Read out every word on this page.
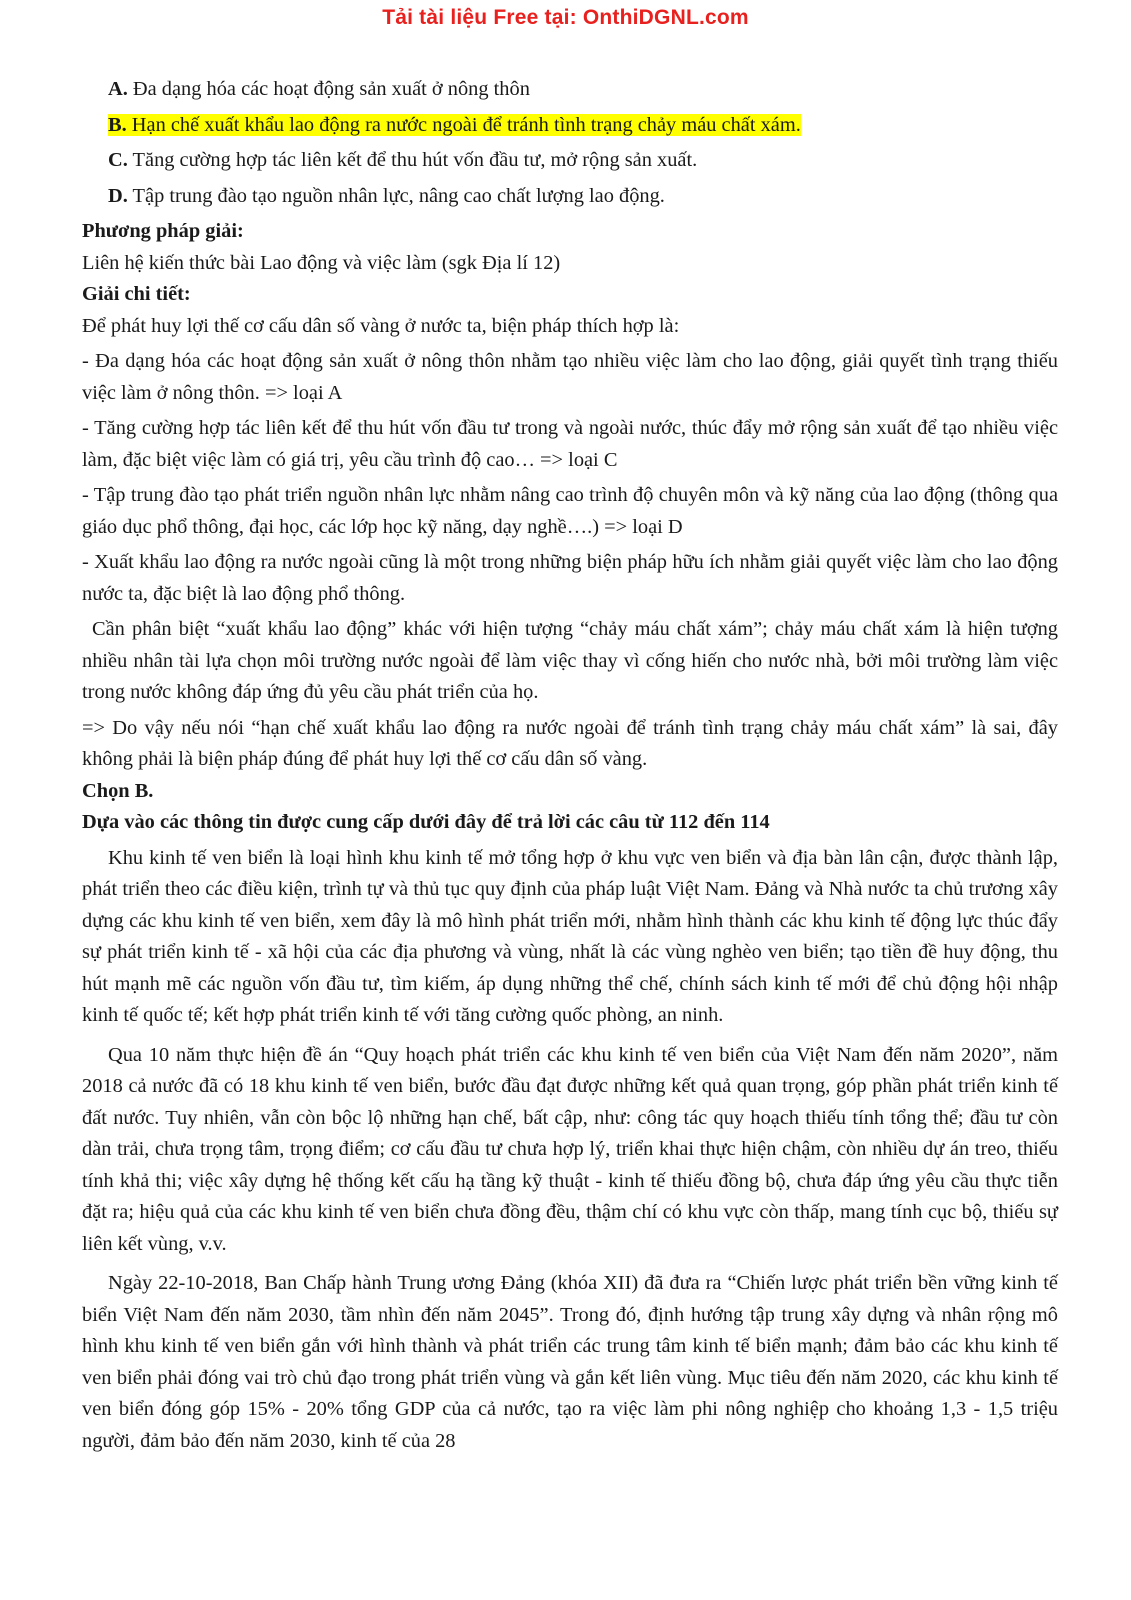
Tải tài liệu Free tại: OnthiDGNL.com

A. Đa dạng hóa các hoạt động sản xuất ở nông thôn

B. Hạn chế xuất khẩu lao động ra nước ngoài để tránh tình trạng chảy máu chất xám.

C. Tăng cường hợp tác liên kết để thu hút vốn đầu tư, mở rộng sản xuất.

D. Tập trung đào tạo nguồn nhân lực, nâng cao chất lượng lao động.

Phương pháp giải:

Liên hệ kiến thức bài Lao động và việc làm (sgk Địa lí 12)

Giải chi tiết:

Để phát huy lợi thế cơ cấu dân số vàng ở nước ta, biện pháp thích hợp là:

- Đa dạng hóa các hoạt động sản xuất ở nông thôn nhằm tạo nhiều việc làm cho lao động, giải quyết tình trạng thiếu việc làm ở nông thôn. => loại A

- Tăng cường hợp tác liên kết để thu hút vốn đầu tư trong và ngoài nước, thúc đẩy mở rộng sản xuất để tạo nhiều việc làm, đặc biệt việc làm có giá trị, yêu cầu trình độ cao… => loại C

- Tập trung đào tạo phát triển nguồn nhân lực nhằm nâng cao trình độ chuyên môn và kỹ năng của lao động (thông qua giáo dục phổ thông, đại học, các lớp học kỹ năng, dạy nghề….) => loại D

- Xuất khẩu lao động ra nước ngoài cũng là một trong những biện pháp hữu ích nhằm giải quyết việc làm cho lao động nước ta, đặc biệt là lao động phổ thông.

Cần phân biệt “xuất khẩu lao động” khác với hiện tượng “chảy máu chất xám”; chảy máu chất xám là hiện tượng nhiều nhân tài lựa chọn môi trường nước ngoài để làm việc thay vì cống hiến cho nước nhà, bởi môi trường làm việc trong nước không đáp ứng đủ yêu cầu phát triển của họ.

=> Do vậy nếu nói “hạn chế xuất khẩu lao động ra nước ngoài để tránh tình trạng chảy máu chất xám” là sai, đây không phải là biện pháp đúng để phát huy lợi thế cơ cấu dân số vàng.

Chọn B.

Dựa vào các thông tin được cung cấp dưới đây để trả lời các câu từ 112 đến 114

Khu kinh tế ven biển là loại hình khu kinh tế mở tổng hợp ở khu vực ven biển và địa bàn lân cận, được thành lập, phát triển theo các điều kiện, trình tự và thủ tục quy định của pháp luật Việt Nam. Đảng và Nhà nước ta chủ trương xây dựng các khu kinh tế ven biển, xem đây là mô hình phát triển mới, nhằm hình thành các khu kinh tế động lực thúc đẩy sự phát triển kinh tế - xã hội của các địa phương và vùng, nhất là các vùng nghèo ven biển; tạo tiền đề huy động, thu hút mạnh mẽ các nguồn vốn đầu tư, tìm kiếm, áp dụng những thể chế, chính sách kinh tế mới để chủ động hội nhập kinh tế quốc tế; kết hợp phát triển kinh tế với tăng cường quốc phòng, an ninh.

Qua 10 năm thực hiện đề án “Quy hoạch phát triển các khu kinh tế ven biển của Việt Nam đến năm 2020”, năm 2018 cả nước đã có 18 khu kinh tế ven biển, bước đầu đạt được những kết quả quan trọng, góp phần phát triển kinh tế đất nước. Tuy nhiên, vẫn còn bộc lộ những hạn chế, bất cập, như: công tác quy hoạch thiếu tính tổng thể; đầu tư còn dàn trải, chưa trọng tâm, trọng điểm; cơ cấu đầu tư chưa hợp lý, triển khai thực hiện chậm, còn nhiều dự án treo, thiếu tính khả thi; việc xây dựng hệ thống kết cấu hạ tầng kỹ thuật - kinh tế thiếu đồng bộ, chưa đáp ứng yêu cầu thực tiễn đặt ra; hiệu quả của các khu kinh tế ven biển chưa đồng đều, thậm chí có khu vực còn thấp, mang tính cục bộ, thiếu sự liên kết vùng, v.v.

Ngày 22-10-2018, Ban Chấp hành Trung ương Đảng (khóa XII) đã đưa ra “Chiến lược phát triển bền vững kinh tế biển Việt Nam đến năm 2030, tầm nhìn đến năm 2045”. Trong đó, định hướng tập trung xây dựng và nhân rộng mô hình khu kinh tế ven biển gắn với hình thành và phát triển các trung tâm kinh tế biển mạnh; đảm bảo các khu kinh tế ven biển phải đóng vai trò chủ đạo trong phát triển vùng và gắn kết liên vùng. Mục tiêu đến năm 2020, các khu kinh tế ven biển đóng góp 15% - 20% tổng GDP của cả nước, tạo ra việc làm phi nông nghiệp cho khoảng 1,3 - 1,5 triệu người, đảm bảo đến năm 2030, kinh tế của 28
